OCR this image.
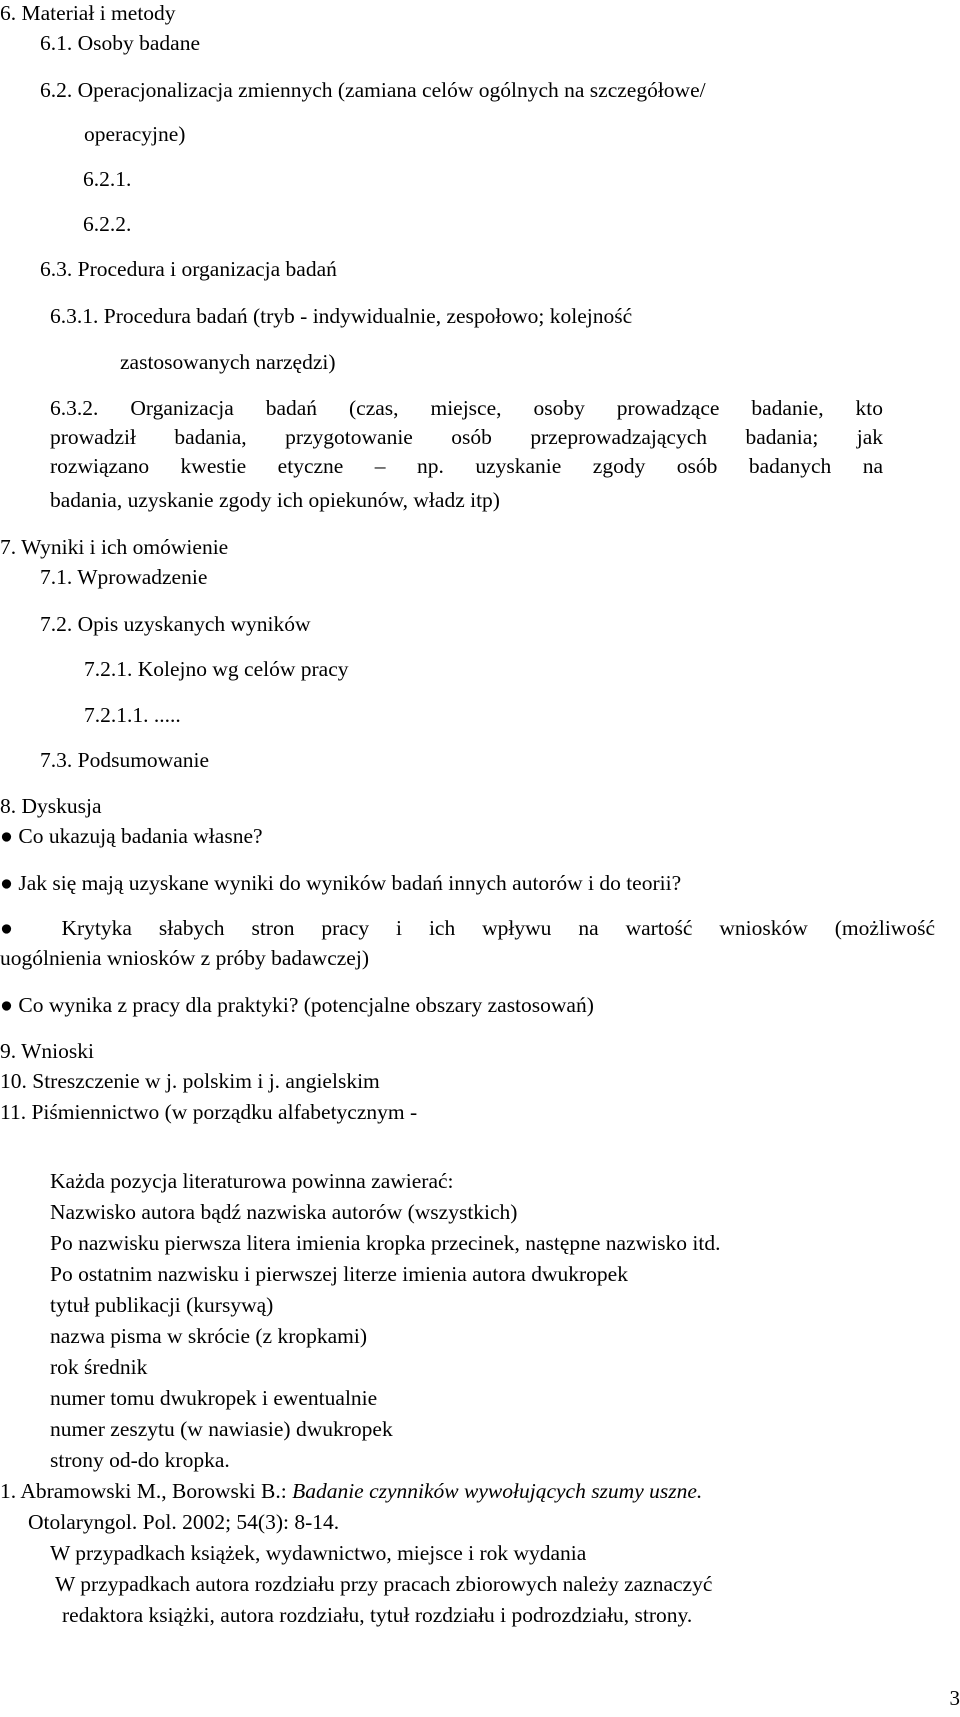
6. Materiał i metody
6.1. Osoby badane
6.2. Operacjonalizacja zmiennych (zamiana celów ogólnych na szczegółowe/
operacyjne)
6.2.1.
6.2.2.
6.3. Procedura i organizacja badań
6.3.1. Procedura badań (tryb - indywidualnie, zespołowo; kolejność
zastosowanych narzędzi)
6.3.2. Organizacja badań (czas, miejsce, osoby prowadzące badanie, kto
prowadził badania, przygotowanie osób przeprowadzających badania; jak
rozwiązano kwestie etyczne – np. uzyskanie zgody osób badanych na
badania, uzyskanie zgody ich opiekunów, władz itp)
7. Wyniki i ich omówienie
7.1. Wprowadzenie
7.2. Opis uzyskanych wyników
7.2.1. Kolejno wg celów pracy
7.2.1.1. .....
7.3. Podsumowanie
8. Dyskusja
● Co ukazują badania własne?
● Jak się mają uzyskane wyniki do wyników badań innych autorów i do teorii?
● Krytyka słabych stron pracy i ich wpływu na wartość wniosków (możliwość
uogólnienia wniosków z próby badawczej)
● Co wynika z pracy dla praktyki? (potencjalne obszary zastosowań)
9. Wnioski
10. Streszczenie w j. polskim i j. angielskim
11. Piśmiennictwo (w porządku alfabetycznym -
Każda pozycja literaturowa powinna zawierać:
Nazwisko autora bądź nazwiska autorów (wszystkich)
Po nazwisku pierwsza litera imienia kropka przecinek, następne nazwisko itd.
Po ostatnim nazwisku i pierwszej literze imienia autora dwukropek
tytuł publikacji (kursywą)
nazwa pisma w skrócie (z kropkami)
rok średnik
numer tomu dwukropek i ewentualnie
numer zeszytu (w nawiasie) dwukropek
strony od-do kropka.
1. Abramowski M., Borowski B.: Badanie czynników wywołujących szumy uszne.
Otolaryngol. Pol. 2002; 54(3): 8-14.
W przypadkach książek, wydawnictwo, miejsce i rok wydania
W przypadkach autora rozdziału przy pracach zbiorowych należy zaznaczyć
redaktora książki, autora rozdziału, tytuł rozdziału i podrozdziału, strony.
3
